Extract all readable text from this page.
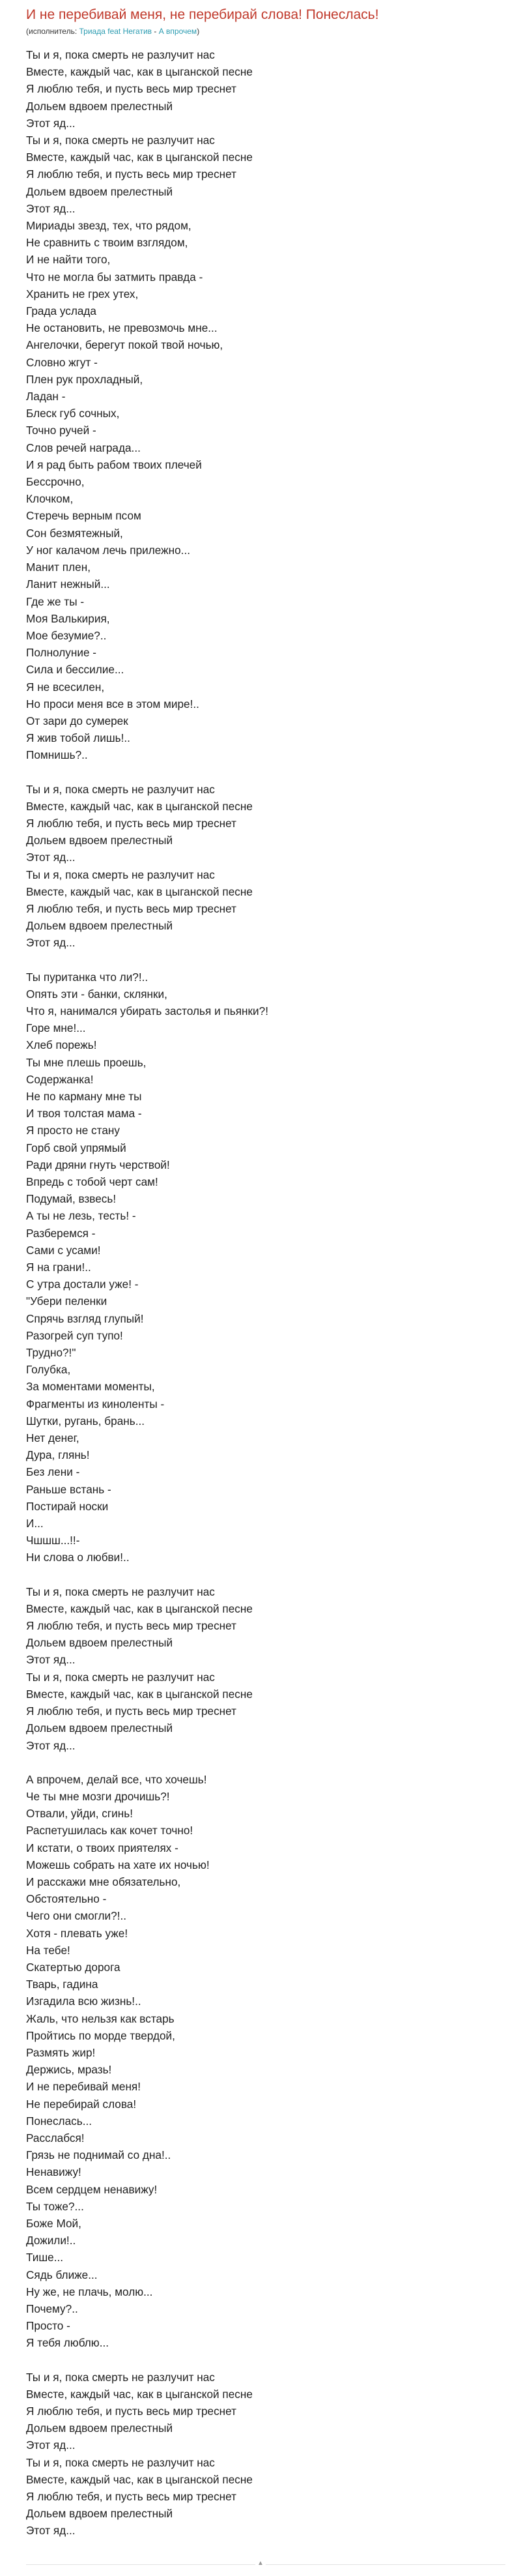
И не перебивай меня, не перебирай слова! Понеслась!
(исполнитель: Триада feat Негатив - А впрочем)
Ты и я, пока смерть не разлучит нас
Вместе, каждый час, как в цыганской песне
Я люблю тебя, и пусть весь мир треснет
Дольем вдвоем прелестный
Этот яд...
Ты и я, пока смерть не разлучит нас
Вместе, каждый час, как в цыганской песне
Я люблю тебя, и пусть весь мир треснет
Дольем вдвоем прелестный
Этот яд...
Мириады звезд, тех, что рядом,
Не сравнить с твоим взглядом,
И не найти того,
Что не могла бы затмить правда -
Хранить не грех утех,
Града услада
Не остановить, не превозмочь мне...
Ангелочки, берегут покой твой ночью,
Словно жгут -
Плен рук прохладный,
Ладан -
Блеск губ сочных,
Точно ручей -
Слов речей награда...
И я рад быть рабом твоих плечей
Бессрочно,
Клочком,
Стеречь верным псом
Сон безмятежный,
У ног калачом лечь прилежно...
Манит плен,
Ланит нежный...
Где же ты -
Моя Валькирия,
Мое безумие?..
Полнолуние -
Сила и бессилие...
Я не всесилен,
Но проси меня все в этом мире!..
От зари до сумерек
Я жив тобой лишь!..
Помнишь?..
Ты и я, пока смерть не разлучит нас
Вместе, каждый час, как в цыганской песне
Я люблю тебя, и пусть весь мир треснет
Дольем вдвоем прелестный
Этот яд...
Ты и я, пока смерть не разлучит нас
Вместе, каждый час, как в цыганской песне
Я люблю тебя, и пусть весь мир треснет
Дольем вдвоем прелестный
Этот яд...
Ты пуританка что ли?!..
Опять эти - банки, склянки,
Что я, нанимался убирать застолья и пьянки?!
Горе мне!...
Хлеб порежь!
Ты мне плешь проешь,
Содержанка!
Не по карману мне ты
И твоя толстая мама -
Я просто не стану
Горб свой упрямый
Ради дряни гнуть черствой!
Впредь с тобой черт сам!
Подумай, взвесь!
А ты не лезь, тесть! -
Разберемся -
Сами с усами!
Я на грани!..
С утра достали уже! -
"Убери пеленки
Спрячь взгляд глупый!
Разогрей суп тупо!
Трудно?!"
Голубка,
За моментами моменты,
Фрагменты из киноленты -
Шутки, ругань, брань...
Нет денег,
Дура, глянь!
Без лени -
Раньше встань -
Постирай носки
И...
Чшшш...!!-
Ни слова о любви!..
Ты и я, пока смерть не разлучит нас
Вместе, каждый час, как в цыганской песне
Я люблю тебя, и пусть весь мир треснет
Дольем вдвоем прелестный
Этот яд...
Ты и я, пока смерть не разлучит нас
Вместе, каждый час, как в цыганской песне
Я люблю тебя, и пусть весь мир треснет
Дольем вдвоем прелестный
Этот яд...
А впрочем, делай все, что хочешь!
Че ты мне мозги дрочишь?!
Отвали, уйди, сгинь!
Распетушилась как кочет точно!
И кстати, о твоих приятелях -
Можешь собрать на хате их ночью!
И расскажи мне обязательно,
Обстоятельно -
Чего они смогли?!..
Хотя - плевать уже!
На тебе!
Скатертью дорога
Тварь, гадина
Изгадила всю жизнь!..
Жаль, что нельзя как встарь
Пройтись по морде твердой,
Размять жир!
Держись, мразь!
И не перебивай меня!
Не перебирай слова!
Понеслась...
Расслабся!
Грязь не поднимай со дна!..
Ненавижу!
Всем сердцем ненавижу!
Ты тоже?...
Боже Мой,
Дожили!..
Тише...
Сядь ближе...
Ну же, не плачь, молю...
Почему?..
Просто -
Я тебя люблю...
Ты и я, пока смерть не разлучит нас
Вместе, каждый час, как в цыганской песне
Я люблю тебя, и пусть весь мир треснет
Дольем вдвоем прелестный
Этот яд...
Ты и я, пока смерть не разлучит нас
Вместе, каждый час, как в цыганской песне
Я люблю тебя, и пусть весь мир треснет
Дольем вдвоем прелестный
Этот яд...
▲
